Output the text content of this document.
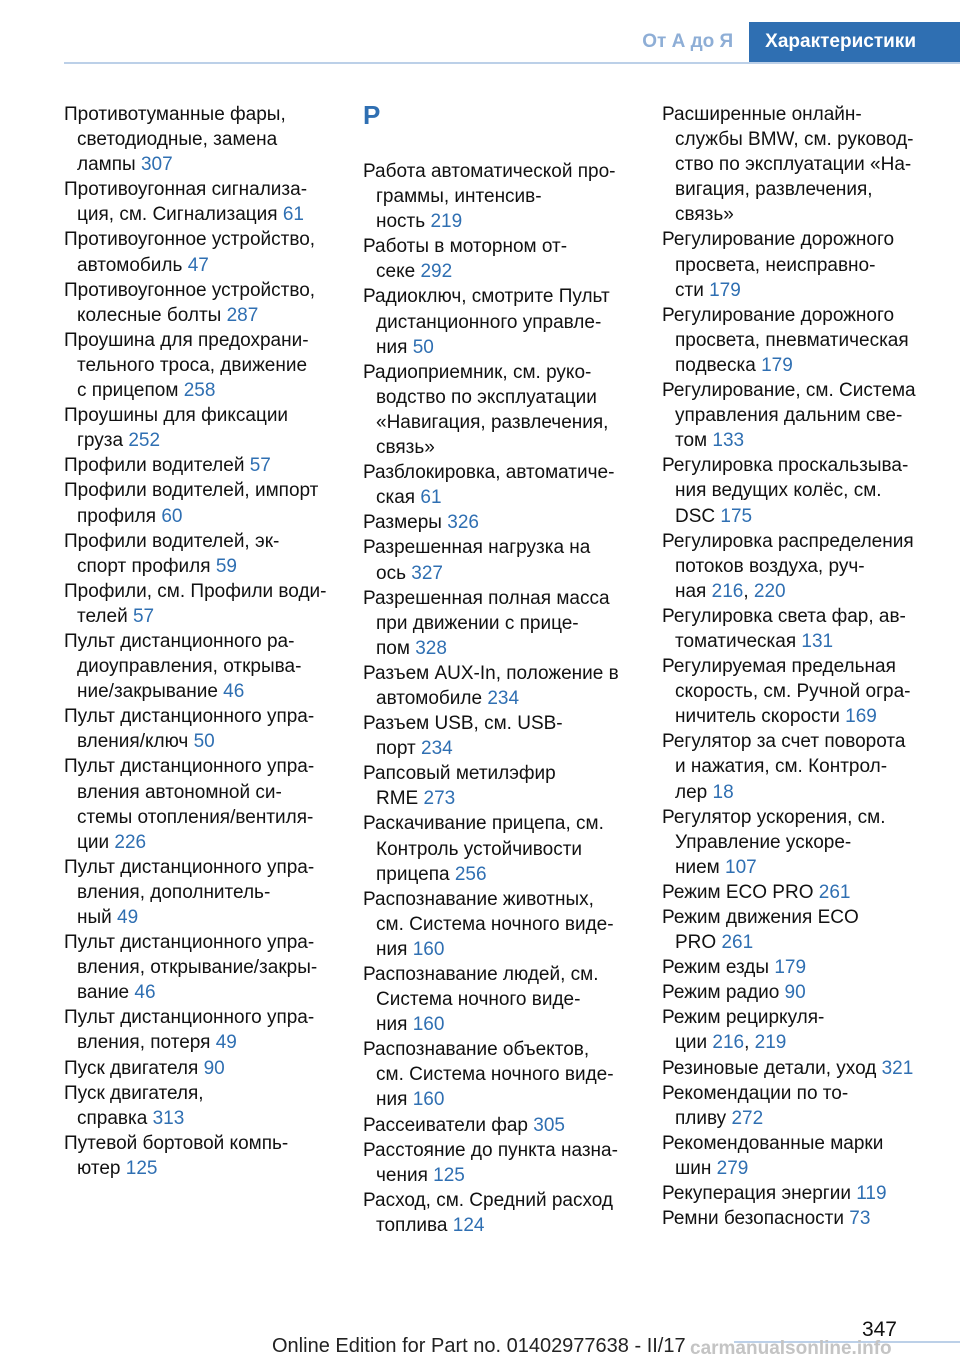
От А до Я	Характеристики
Противотуманные фары,
светодиодные, замена
лампы 307
Противоугонная сигнализа-
ция, см. Сигнализация 61
Противоугонное устройство,
автомобиль 47
Противоугонное устройство,
колесные болты 287
Проушина для предохрани-
тельного троса, движение
с прицепом 258
Проушины для фиксации
груза 252
Профили водителей 57
Профили водителей, импорт
профиля 60
Профили водителей, эк-
спорт профиля 59
Профили, см. Профили води-
телей 57
Пульт дистанционного ра-
диоуправления, открыва-
ние/закрывание 46
Пульт дистанционного упра-
вления/ключ 50
Пульт дистанционного упра-
вления автономной си-
стемы отопления/вентиля-
ции 226
Пульт дистанционного упра-
вления, дополнитель-
ный 49
Пульт дистанционного упра-
вления, открывание/закры-
вание 46
Пульт дистанционного упра-
вления, потеря 49
Пуск двигателя 90
Пуск двигателя,
справка 313
Путевой бортовой компь-
ютер 125
Р
Работа автоматической про-
граммы, интенсив-
ность 219
Работы в моторном от-
секе 292
Радиоключ, смотрите Пульт
дистанционного управле-
ния 50
Радиоприемник, см. руко-
водство по эксплуатации
«Навигация, развлечения,
связь»
Разблокировка, автоматиче-
ская 61
Размеры 326
Разрешенная нагрузка на
ось 327
Разрешенная полная масса
при движении с прице-
пом 328
Разъем AUX-In, положение в
автомобиле 234
Разъем USB, см. USB-
порт 234
Рапсовый метилэфир
RME 273
Раскачивание прицепа, см.
Контроль устойчивости
прицепа 256
Распознавание животных,
см. Система ночного виде-
ния 160
Распознавание людей, см.
Система ночного виде-
ния 160
Распознавание объектов,
см. Система ночного виде-
ния 160
Рассеиватели фар 305
Расстояние до пункта назна-
чения 125
Расход, см. Средний расход
топлива 124
Расширенные онлайн-
службы BMW, см. руковод-
ство по эксплуатации «На-
вигация, развлечения,
связь»
Регулирование дорожного
просвета, неисправно-
сти 179
Регулирование дорожного
просвета, пневматическая
подвеска 179
Регулирование, см. Система
управления дальним све-
том 133
Регулировка проскальзыва-
ния ведущих колёс, см.
DSC 175
Регулировка распределения
потоков воздуха, руч-
ная 216, 220
Регулировка света фар, ав-
томатическая 131
Регулируемая предельная
скорость, см. Ручной огра-
ничитель скорости 169
Регулятор за счет поворота
и нажатия, см. Контрол-
лер 18
Регулятор ускорения, см.
Управление ускоре-
нием 107
Режим ECO PRO 261
Режим движения ECO
PRO 261
Режим езды 179
Режим радио 90
Режим рециркуля-
ции 216, 219
Резиновые детали, уход 321
Рекомендации по то-
пливу 272
Рекомендованные марки
шин 279
Рекуперация энергии 119
Ремни безопасности 73
347
Online Edition for Part no. 01402977638 - II/17 carmanualsonline.info
